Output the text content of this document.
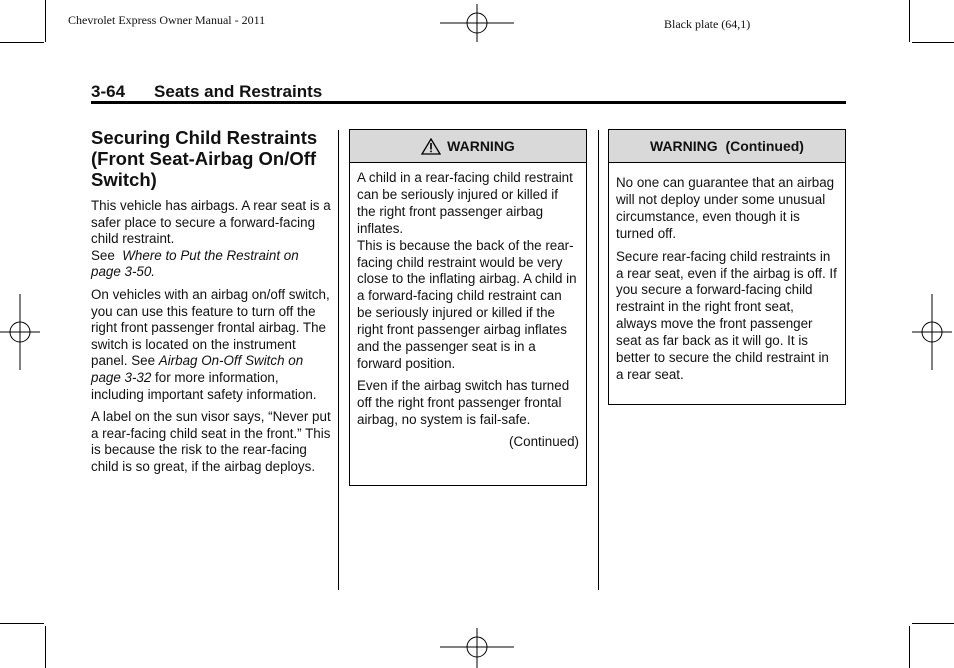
Chevrolet Express Owner Manual - 2011	Black plate (64,1)
3-64 Seats and Restraints
Securing Child Restraints (Front Seat-Airbag On/Off Switch)

This vehicle has airbags. A rear seat is a safer place to secure a forward-facing child restraint.
See Where to Put the Restraint on page 3-50.

On vehicles with an airbag on/off switch, you can use this feature to turn off the right front passenger frontal airbag. The switch is located on the instrument panel. See Airbag On-Off Switch on page 3-32 for more information, including important safety information.

A label on the sun visor says, “Never put a rear-facing child seat in the front.” This is because the risk to the rear-facing child is so great, if the airbag deploys.

WARNING

A child in a rear-facing child restraint can be seriously injured or killed if the right front passenger airbag inflates.
This is because the back of the rear-facing child restraint would be very close to the inflating airbag. A child in a forward-facing child restraint can be seriously injured or killed if the right front passenger airbag inflates and the passenger seat is in a forward position.

Even if the airbag switch has turned off the right front passenger frontal airbag, no system is fail-safe.

(Continued)
WARNING  (Continued)

No one can guarantee that an airbag will not deploy under some unusual circumstance, even though it is turned off.

Secure rear-facing child restraints in a rear seat, even if the airbag is off. If you secure a forward-facing child restraint in the right front seat, always move the front passenger seat as far back as it will go. It is better to secure the child restraint in a rear seat.
